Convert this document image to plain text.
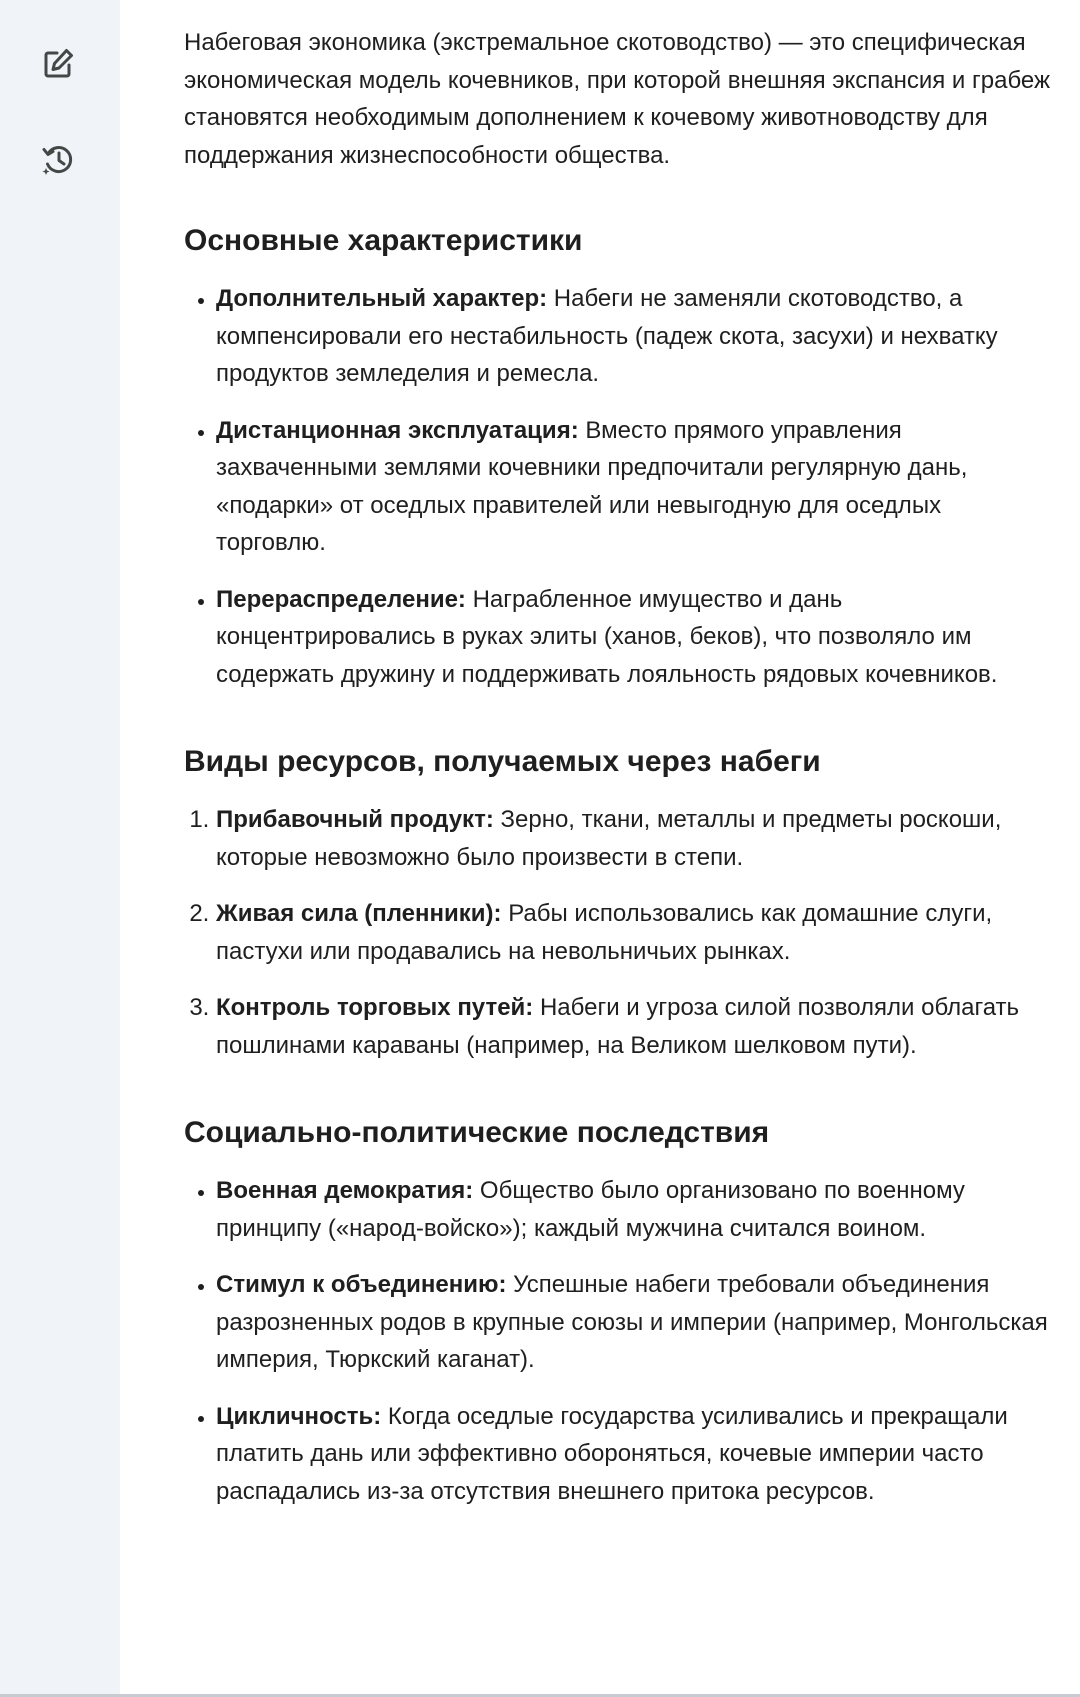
Набеговая экономика (экстремальное скотоводство) — это специфическая экономическая модель кочевников, при которой внешняя экспансия и грабеж становятся необходимым дополнением к кочевому животноводству для поддержания жизнеспособности общества.

Основные характеристики
• Дополнительный характер: Набеги не заменяли скотоводство, а компенсировали его нестабильность (падеж скота, засухи) и нехватку продуктов земледелия и ремесла.
• Дистанционная эксплуатация: Вместо прямого управления захваченными землями кочевники предпочитали регулярную дань, «подарки» от оседлых правителей или невыгодную для оседлых торговлю.
• Перераспределение: Награбленное имущество и дань концентрировались в руках элиты (ханов, беков), что позволяло им содержать дружину и поддерживать лояльность рядовых кочевников.
Виды ресурсов, получаемых через набеги
1. Прибавочный продукт: Зерно, ткани, металлы и предметы роскоши, которые невозможно было произвести в степи.
2. Живая сила (пленники): Рабы использовались как домашние слуги, пастухи или продавались на невольничьих рынках.
3. Контроль торговых путей: Набеги и угроза силой позволяли облагать пошлинами караваны (например, на Великом шелковом пути).
Социально-политические последствия
• Военная демократия: Общество было организовано по военному принципу («народ-войско»); каждый мужчина считался воином.
• Стимул к объединению: Успешные набеги требовали объединения разрозненных родов в крупные союзы и империи (например, Монгольская империя, Тюркский каганат).
• Цикличность: Когда оседлые государства усиливались и прекращали платить дань или эффективно обороняться, кочевые империи часто распадались из-за отсутствия внешнего притока ресурсов.
